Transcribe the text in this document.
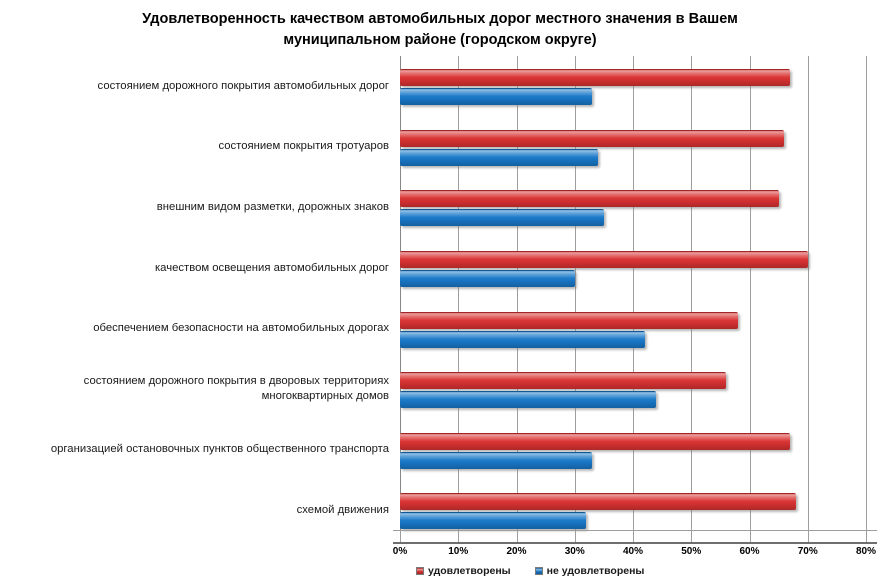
Удовлетворенность качеством автомобильных дорог местного значения в Вашем муниципальном районе (городском округе)
состоянием дорожного покрытия автомобильных дорог
состоянием покрытия тротуаров
внешним видом разметки, дорожных знаков
качеством освещения автомобильных дорог
обеспечением безопасности на автомобильных дорогах
состоянием дорожного покрытия в дворовых территориях многоквартирных домов
организацией остановочных пунктов общественного транспорта
схемой движения
0%	10%	20%	30%	40%	50%	60%	70%	80%
удовлетворены	не удовлетворены
